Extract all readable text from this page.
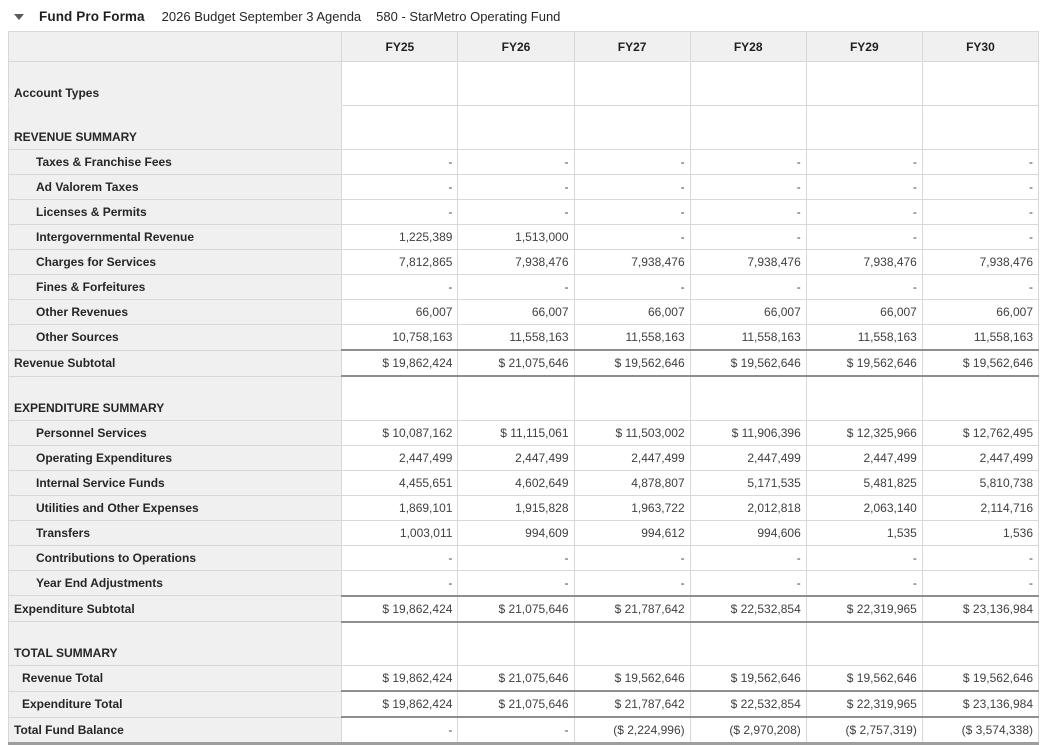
Fund Pro Forma 2026 Budget September 3 Agenda 580 - StarMetro Operating Fund
	FY25	FY26	FY27	FY28	FY29	FY30
Account Types						
REVENUE SUMMARY						
Taxes & Franchise Fees	-	-	-	-	-	-
Ad Valorem Taxes	-	-	-	-	-	-
Licenses & Permits	-	-	-	-	-	-
Intergovernmental Revenue	1,225,389	1,513,000	-	-	-	-
Charges for Services	7,812,865	7,938,476	7,938,476	7,938,476	7,938,476	7,938,476
Fines & Forfeitures	-	-	-	-	-	-
Other Revenues	66,007	66,007	66,007	66,007	66,007	66,007
Other Sources	10,758,163	11,558,163	11,558,163	11,558,163	11,558,163	11,558,163
Revenue Subtotal	$ 19,862,424	$ 21,075,646	$ 19,562,646	$ 19,562,646	$ 19,562,646	$ 19,562,646
EXPENDITURE SUMMARY						
Personnel Services	$ 10,087,162	$ 11,115,061	$ 11,503,002	$ 11,906,396	$ 12,325,966	$ 12,762,495
Operating Expenditures	2,447,499	2,447,499	2,447,499	2,447,499	2,447,499	2,447,499
Internal Service Funds	4,455,651	4,602,649	4,878,807	5,171,535	5,481,825	5,810,738
Utilities and Other Expenses	1,869,101	1,915,828	1,963,722	2,012,818	2,063,140	2,114,716
Transfers	1,003,011	994,609	994,612	994,606	1,535	1,536
Contributions to Operations	-	-	-	-	-	-
Year End Adjustments	-	-	-	-	-	-
Expenditure Subtotal	$ 19,862,424	$ 21,075,646	$ 21,787,642	$ 22,532,854	$ 22,319,965	$ 23,136,984
TOTAL SUMMARY						
Revenue Total	$ 19,862,424	$ 21,075,646	$ 19,562,646	$ 19,562,646	$ 19,562,646	$ 19,562,646
Expenditure Total	$ 19,862,424	$ 21,075,646	$ 21,787,642	$ 22,532,854	$ 22,319,965	$ 23,136,984
Total Fund Balance	-	-	($ 2,224,996)	($ 2,970,208)	($ 2,757,319)	($ 3,574,338)
